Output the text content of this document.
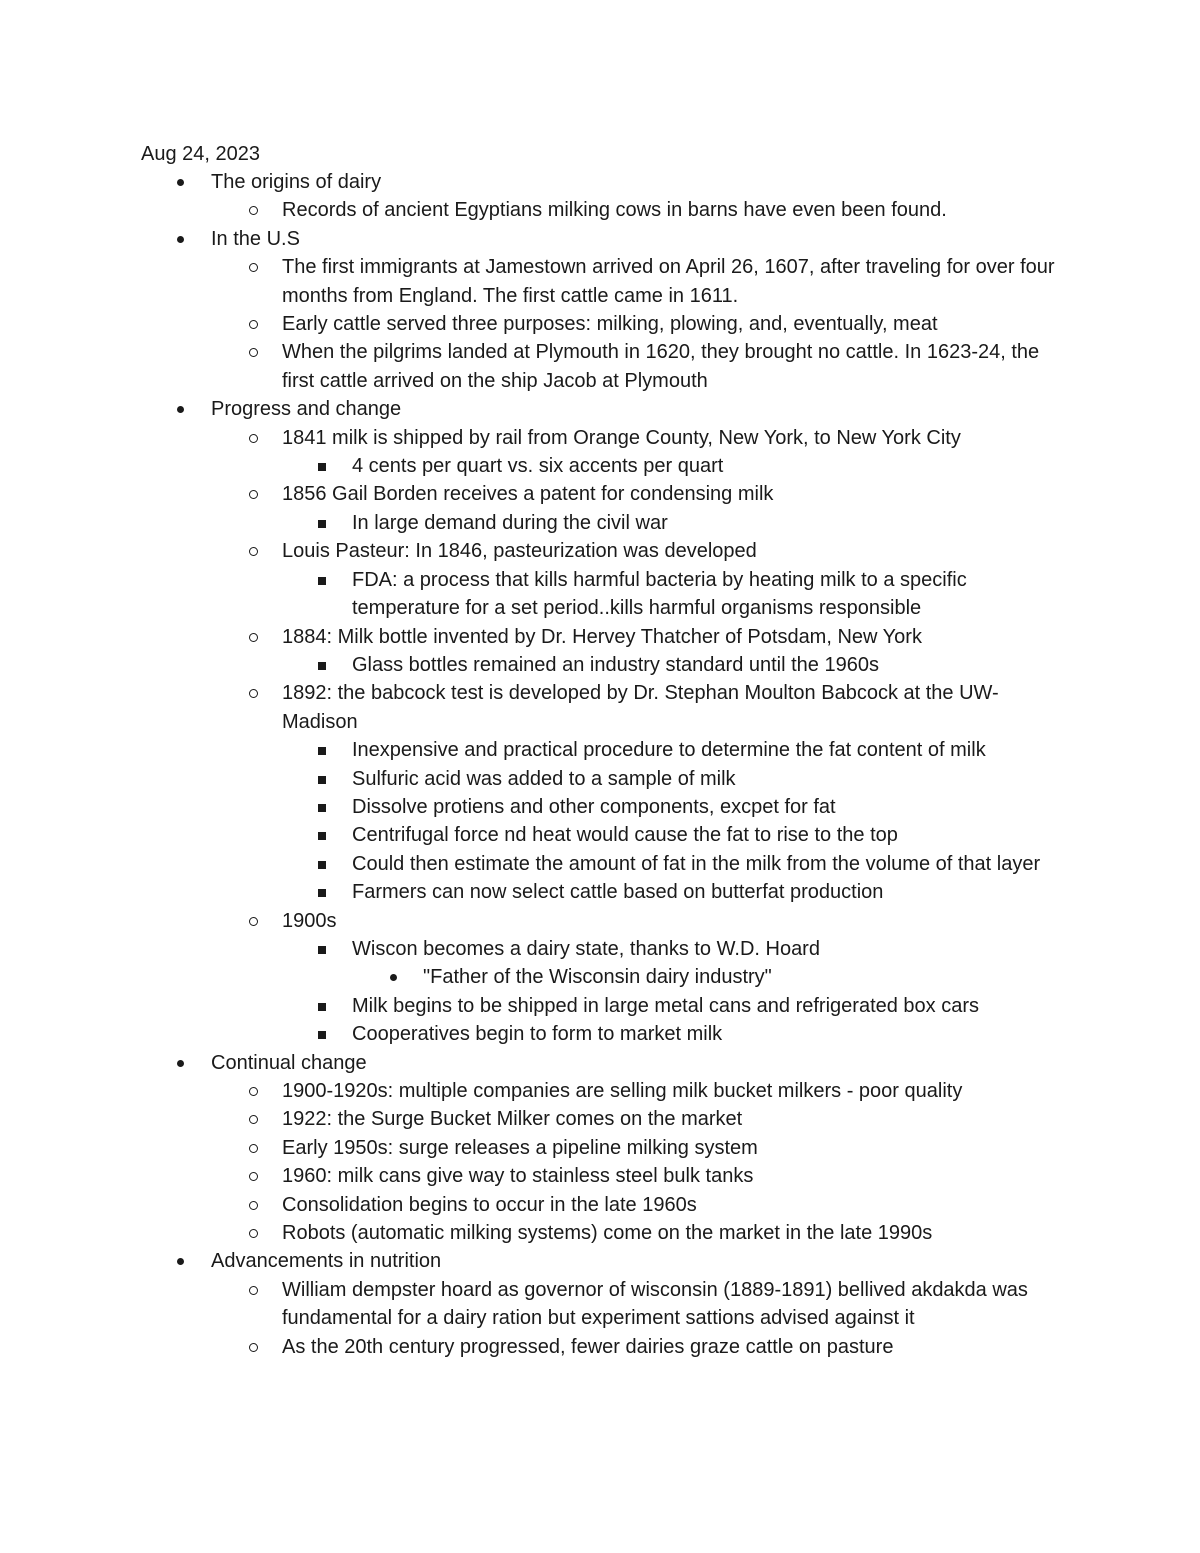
Aug 24, 2023
The origins of dairy
Records of ancient Egyptians milking cows in barns have even been found.
In the U.S
The first immigrants at Jamestown arrived on April 26, 1607, after traveling for over four months from England. The first cattle came in 1611.
Early cattle served three purposes: milking, plowing, and, eventually, meat
When the pilgrims landed at Plymouth in 1620, they brought no cattle. In 1623-24, the first cattle arrived on the ship Jacob at Plymouth
Progress and change
1841 milk is shipped by rail from Orange County, New York, to New York City
4 cents per quart vs. six accents per quart
1856 Gail Borden receives a patent for condensing milk
In large demand during the civil war
Louis Pasteur: In 1846, pasteurization was developed
FDA: a process that kills harmful bacteria by heating milk to a specific temperature for a set period..kills harmful organisms responsible
1884: Milk bottle invented by Dr. Hervey Thatcher of Potsdam, New York
Glass bottles remained an industry standard until the 1960s
1892: the babcock test is developed by Dr. Stephan Moulton Babcock at the UW-Madison
Inexpensive and practical procedure to determine the fat content of milk
Sulfuric acid was added to a sample of milk
Dissolve protiens and other components, excpet for fat
Centrifugal force nd heat would cause the fat to rise to the top
Could then estimate the amount of fat in the milk from the volume of that layer
Farmers can now select cattle based on butterfat production
1900s
Wiscon becomes a dairy state, thanks to W.D. Hoard
"Father of the Wisconsin dairy industry"
Milk begins to be shipped in large metal cans and refrigerated box cars
Cooperatives begin to form to market milk
Continual change
1900-1920s: multiple companies are selling milk bucket milkers - poor quality
1922: the Surge Bucket Milker comes on the market
Early 1950s: surge releases a pipeline milking system
1960: milk cans give way to stainless steel bulk tanks
Consolidation begins to occur in the late 1960s
Robots (automatic milking systems) come on the market in the late 1990s
Advancements in nutrition
William dempster hoard as governor of wisconsin (1889-1891) bellived akdakda was fundamental for a dairy ration but experiment sattions advised against it
As the 20th century progressed, fewer dairies graze cattle on pasture
